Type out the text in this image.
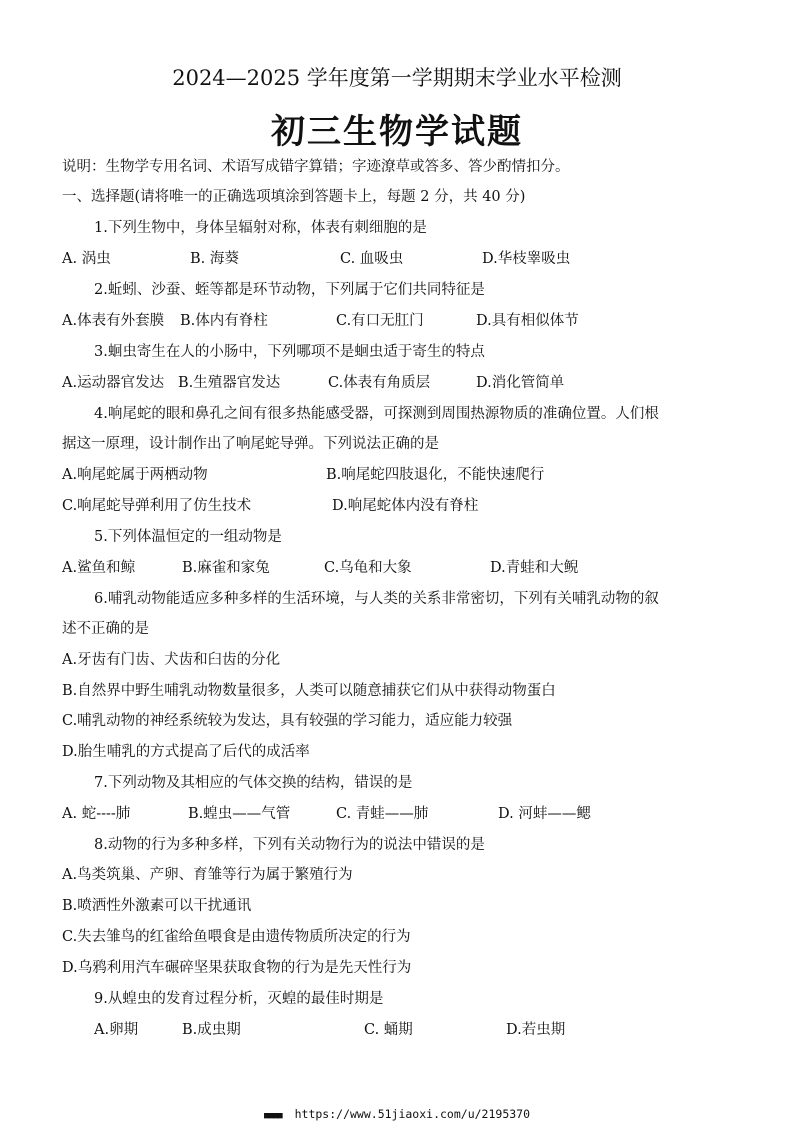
2024—2025 学年度第一学期期末学业水平检测
初三生物学试题
说明：生物学专用名词、术语写成错字算错；字迹潦草或答多、答少酌情扣分。
一、选择题(请将唯一的正确选项填涂到答题卡上，每题 2 分，共 40 分)
1.下列生物中，身体呈辐射对称，体表有刺细胞的是
A. 涡虫	B. 海葵	C. 血吸虫	D.华枝睾吸虫
2.蚯蚓、沙蚕、蛭等都是环节动物，下列属于它们共同特征是
A.体表有外套膜 B.体内有脊柱	C.有口无肛门	D.具有相似体节
3.蛔虫寄生在人的小肠中，下列哪项不是蛔虫适于寄生的特点
A.运动器官发达 B.生殖器官发达	C.体表有角质层	D.消化管简单
4.响尾蛇的眼和鼻孔之间有很多热能感受器，可探测到周围热源物质的准确位置。人们根
据这一原理，设计制作出了响尾蛇导弹。下列说法正确的是
A.响尾蛇属于两栖动物	B.响尾蛇四肢退化，不能快速爬行
C.响尾蛇导弹利用了仿生技术	D.响尾蛇体内没有脊柱
5.下列体温恒定的一组动物是
A.鲨鱼和鲸	B.麻雀和家兔	C.乌龟和大象	D.青蛙和大鲵
6.哺乳动物能适应多种多样的生活环境，与人类的关系非常密切，下列有关哺乳动物的叙
述不正确的是
A.牙齿有门齿、犬齿和臼齿的分化
B.自然界中野生哺乳动物数量很多，人类可以随意捕获它们从中获得动物蛋白
C.哺乳动物的神经系统较为发达，具有较强的学习能力，适应能力较强
D.胎生哺乳的方式提高了后代的成活率
7.下列动物及其相应的气体交换的结构，错误的是
A. 蛇----肺	B.蝗虫——气管	C. 青蛙——肺	D. 河蚌——鳃
8.动物的行为多种多样，下列有关动物行为的说法中错误的是
A.鸟类筑巢、产卵、育雏等行为属于繁殖行为
B.喷洒性外激素可以干扰通讯
C.失去雏鸟的红雀给鱼喂食是由遗传物质所决定的行为
D.乌鸦利用汽车碾碎坚果获取食物的行为是先天性行为
9.从蝗虫的发育过程分析，灭蝗的最佳时期是
A.卵期	B.成虫期	C. 蛹期	D.若虫期
■■■■ https://www.51jiaoxi.com/u/2195370
